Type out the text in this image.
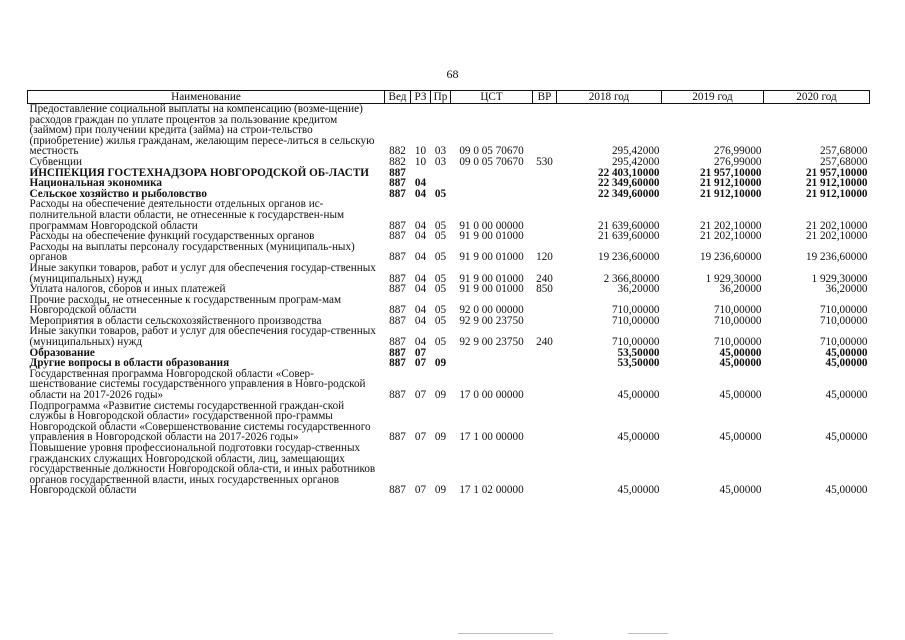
68
Наименование	Вед	РЗ	Пр	ЦСТ	ВР	2018 год	2019 год	2020 год
Предоставление социальной выплаты на компенсацию (возме-щение) расходов граждан по уплате процентов за пользование кредитом (займом) при получении кредита (займа) на строи-тельство (приобретение) жилья гражданам, желающим пересе-литься в сельскую местность	882	10	03	09 0 05 70670		295,42000	276,99000	257,68000
Субвенции	882	10	03	09 0 05 70670	530	295,42000	276,99000	257,68000
ИНСПЕКЦИЯ ГОСТЕХНАДЗОРА НОВГОРОДСКОЙ ОБ-ЛАСТИ	887					22 403,10000	21 957,10000	21 957,10000
Национальная экономика	887	04				22 349,60000	21 912,10000	21 912,10000
Сельское хозяйство и рыболовство	887	04	05			22 349,60000	21 912,10000	21 912,10000
Расходы на обеспечение деятельности отдельных органов ис-полнительной власти области, не отнесенные к государствен-ным программам Новгородской области	887	04	05	91 0 00 00000		21 639,60000	21 202,10000	21 202,10000
Расходы на обеспечение функций государственных органов	887	04	05	91 9 00 01000		21 639,60000	21 202,10000	21 202,10000
Расходы на выплаты персоналу государственных (муниципаль-ных) органов	887	04	05	91 9 00 01000	120	19 236,60000	19 236,60000	19 236,60000
Иные закупки товаров, работ и услуг для обеспечения государ-ственных (муниципальных) нужд	887	04	05	91 9 00 01000	240	2 366,80000	1 929,30000	1 929,30000
Уплата налогов, сборов и иных платежей	887	04	05	91 9 00 01000	850	36,20000	36,20000	36,20000
Прочие расходы, не отнесенные к государственным програм-мам Новгородской области	887	04	05	92 0 00 00000		710,00000	710,00000	710,00000
Мероприятия в области сельскохозяйственного производства	887	04	05	92 9 00 23750		710,00000	710,00000	710,00000
Иные закупки товаров, работ и услуг для обеспечения государ-ственных (муниципальных) нужд	887	04	05	92 9 00 23750	240	710,00000	710,00000	710,00000
Образование	887	07				53,50000	45,00000	45,00000
Другие вопросы в области образования	887	07	09			53,50000	45,00000	45,00000
Государственная программа Новгородской области «Совер-шенствование системы государственного управления в Новго-родской области на 2017-2026 годы»	887	07	09	17 0 00 00000		45,00000	45,00000	45,00000
Подпрограмма «Развитие системы государственной граждан-ской службы в Новгородской области» государственной про-граммы Новгородской области «Совершенствование системы государственного управления в Новгородской области на 2017-2026 годы»	887	07	09	17 1 00 00000		45,00000	45,00000	45,00000
Повышение уровня профессиональной подготовки государ-ственных гражданских служащих Новгородской области, лиц, замещающих государственные должности Новгородской обла-сти, и иных работников органов государственной власти, иных государственных органов Новгородской области	887	07	09	17 1 02 00000		45,00000	45,00000	45,00000
